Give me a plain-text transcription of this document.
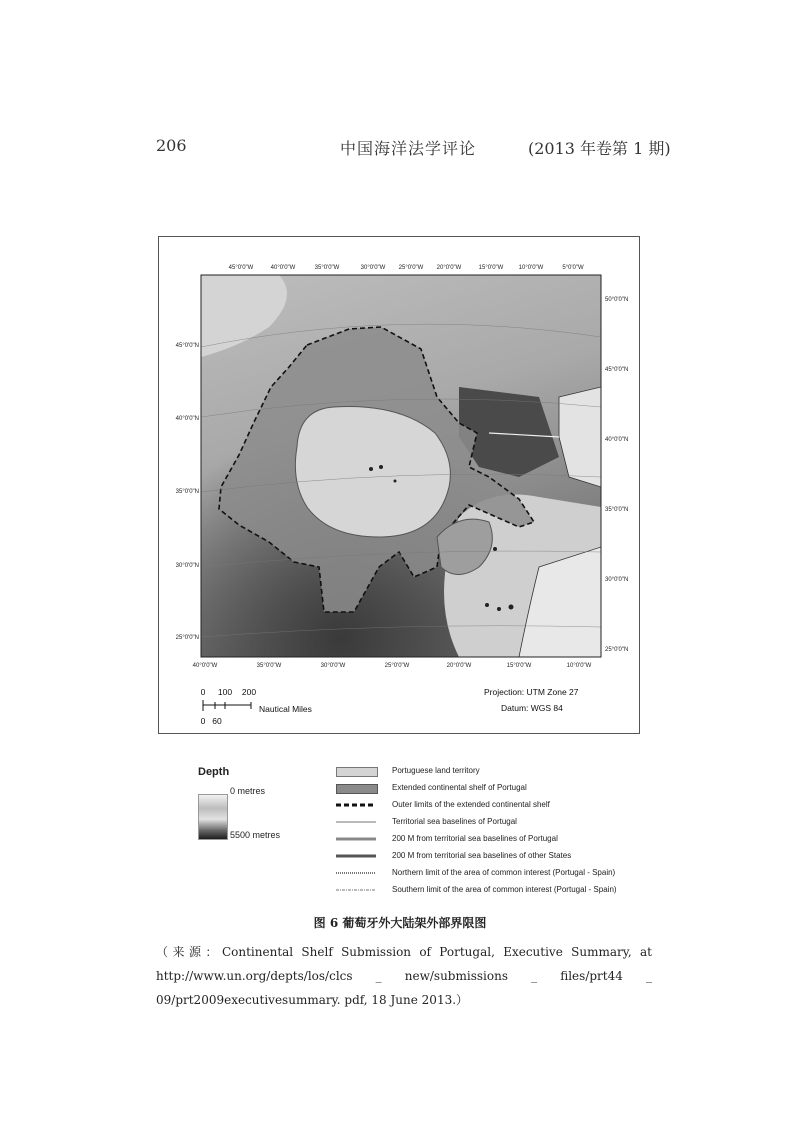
206	中国海洋法学评论	(2013 年卷第 1 期)
45°0'0"W	40°0'0"W	35°0'0"W	30°0'0"W 25°0'0"W 20°0'0"W	15°0'0"W	10°0'0"W	5°0'0"W
40°0'0"W	35°0'0"W	30°0'0"W	25°0'0"W	20°0'0"W	15°0'0"W	10°0'0"W
45°0'0"N
40°0'0"N
35°0'0"N
30°0'0"N
25°0'0"N
50°0'0"N
45°0'0"N
40°0'0"N
35°0'0"N
30°0'0"N
25°0'0"N
0 100 200
0 60
Nautical Miles
Projection: UTM Zone 27
Datum: WGS 84
Depth
0 metres
5500 metres
Portuguese land territory
Extended continental shelf of Portugal
Outer limits of the extended continental shelf
Territorial sea baselines of Portugal
200 M from territorial sea baselines of Portugal
200 M from territorial sea baselines of other States
Northern limit of the area of common interest (Portugal - Spain)
Southern limit of the area of common interest (Portugal - Spain)
图 6 葡萄牙外大陆架外部界限图
（来源：Continental Shelf Submission of Portugal, Executive Summary, at http://www.un.org/depts/los/clcs _ new/submissions _ files/prt44 _ 09/prt2009executivesummary. pdf, 18 June 2013.）
